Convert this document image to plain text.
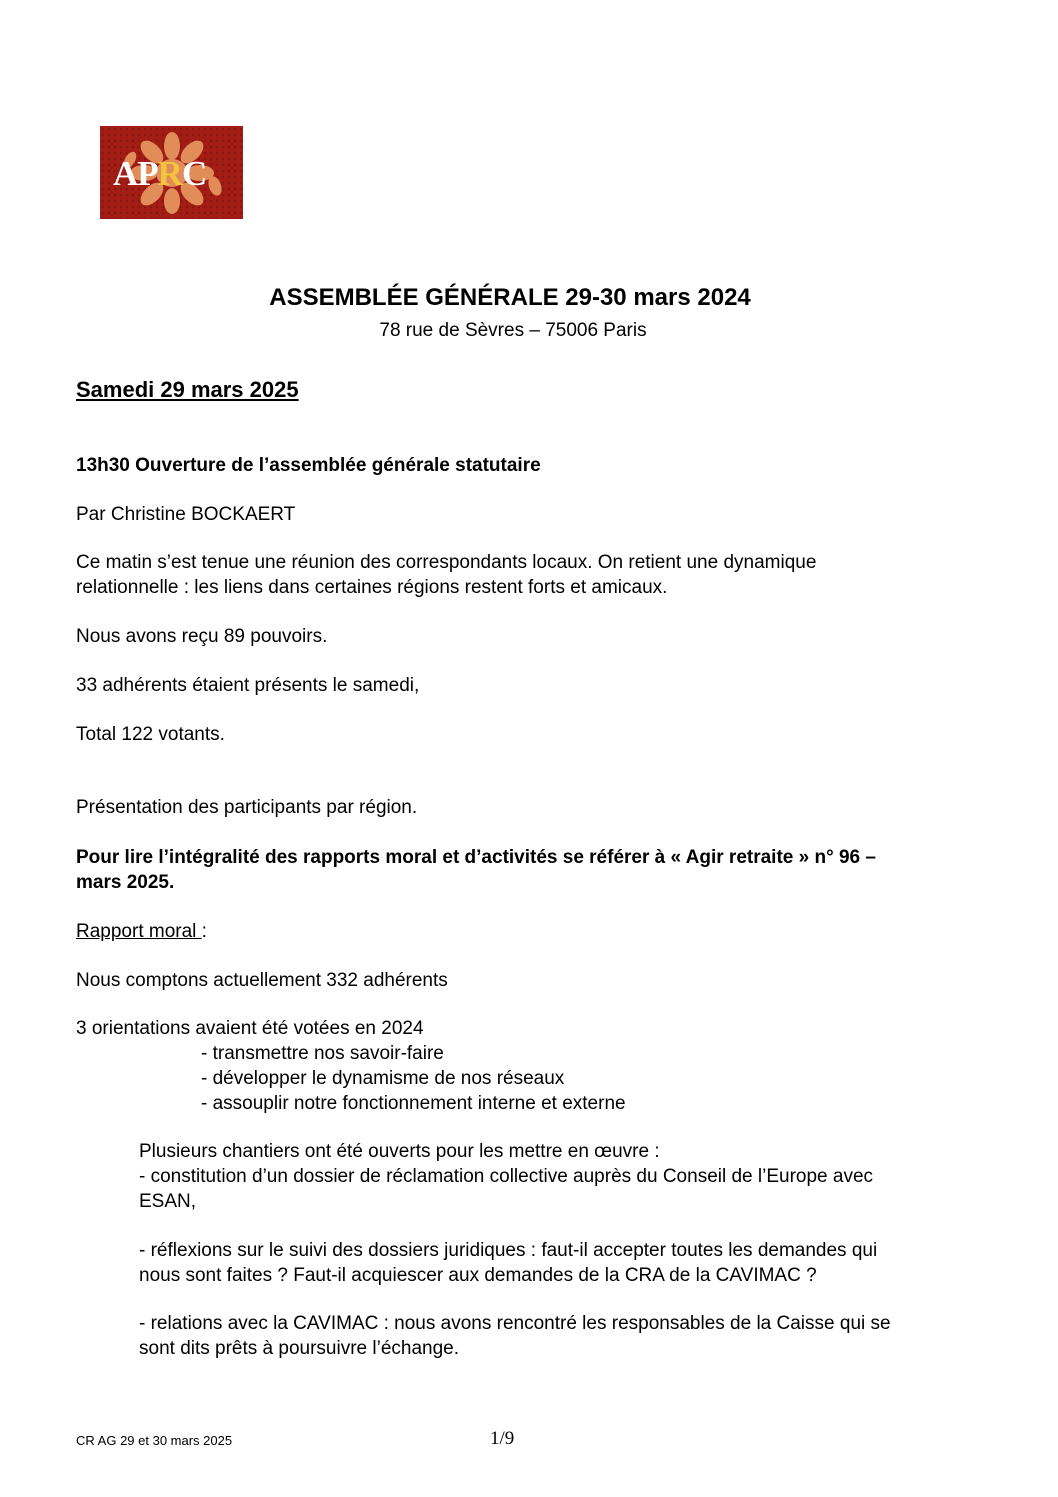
APRC
ASSEMBLÉE GÉNÉRALE 29-30 mars 2024

78 rue de Sèvres – 75006 Paris

Samedi 29 mars 2025

13h30 Ouverture de l’assemblée générale statutaire

Par Christine BOCKAERT

Ce matin s’est tenue une réunion des correspondants locaux. On retient une dynamique

relationnelle : les liens dans certaines régions restent forts et amicaux.

Nous avons reçu 89 pouvoirs.

33 adhérents étaient présents le samedi,

Total 122 votants.

Présentation des participants par région.

Pour lire l’intégralité des rapports moral et d’activités se référer à « Agir retraite » n° 96 –

mars 2025.

Rapport moral :

Nous comptons actuellement 332 adhérents

3 orientations avaient été votées en 2024

- transmettre nos savoir-faire

- développer le dynamisme de nos réseaux

- assouplir notre fonctionnement interne et externe

Plusieurs chantiers ont été ouverts pour les mettre en œuvre :

- constitution d’un dossier de réclamation collective auprès du Conseil de l’Europe avec

ESAN,

- réflexions sur le suivi des dossiers juridiques : faut-il accepter toutes les demandes qui

nous sont faites ? Faut-il acquiescer aux demandes de la CRA de la CAVIMAC ?

- relations avec la CAVIMAC : nous avons rencontré les responsables de la Caisse qui se

sont dits prêts à poursuivre l’échange.

CR AG 29 et 30 mars 2025	1/9
